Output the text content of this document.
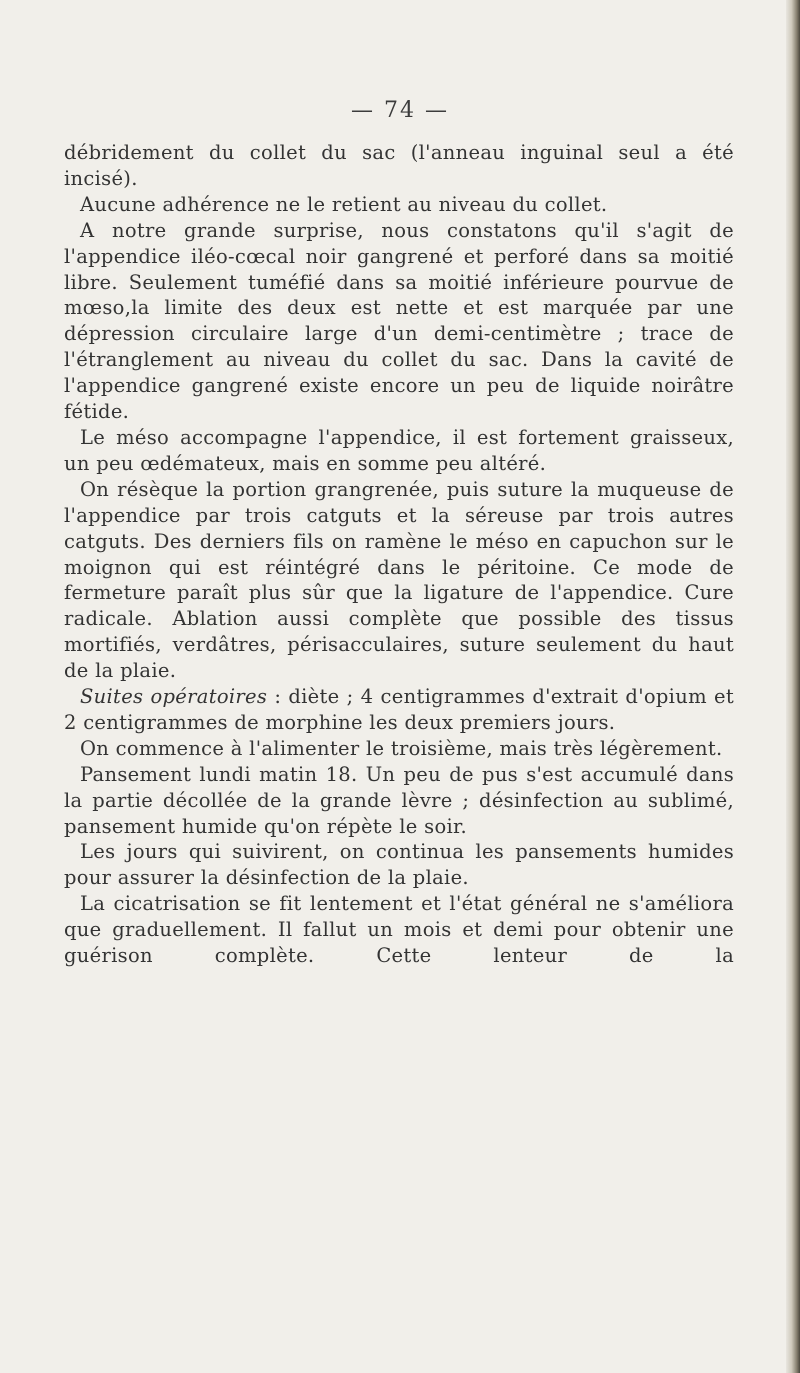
— 74 —

débridement du collet du sac (l'anneau inguinal seul a été incisé).

Aucune adhérence ne le retient au niveau du collet.

A notre grande surprise, nous constatons qu'il s'agit de l'appendice iléo-cœcal noir gangrené et perforé dans sa moitié libre. Seulement tuméfié dans sa moitié inférieure pourvue de mœso,la limite des deux est nette et est marquée par une dépression circulaire large d'un demi-centimètre ; trace de l'étranglement au niveau du collet du sac. Dans la cavité de l'appendice gangrené existe encore un peu de liquide noirâtre fétide.

Le méso accompagne l'appendice, il est fortement graisseux, un peu œdémateux, mais en somme peu altéré.

On résèque la portion grangrenée, puis suture la muqueuse de l'appendice par trois catguts et la séreuse par trois autres catguts. Des derniers fils on ramène le méso en capuchon sur le moignon qui est réintégré dans le péritoine. Ce mode de fermeture paraît plus sûr que la ligature de l'appendice. Cure radicale. Ablation aussi complète que possible des tissus mortifiés, verdâtres, périsacculaires, suture seulement du haut de la plaie.

Suites opératoires : diète ; 4 centigrammes d'extrait d'opium et 2 centigrammes de morphine les deux premiers jours.

On commence à l'alimenter le troisième, mais très légèrement.

Pansement lundi matin 18. Un peu de pus s'est accumulé dans la partie décollée de la grande lèvre ; désinfection au sublimé, pansement humide qu'on répète le soir.

Les jours qui suivirent, on continua les pansements humides pour assurer la désinfection de la plaie.

La cicatrisation se fit lentement et l'état général ne s'améliora que graduellement. Il fallut un mois et demi pour obtenir une guérison complète. Cette lenteur de la
